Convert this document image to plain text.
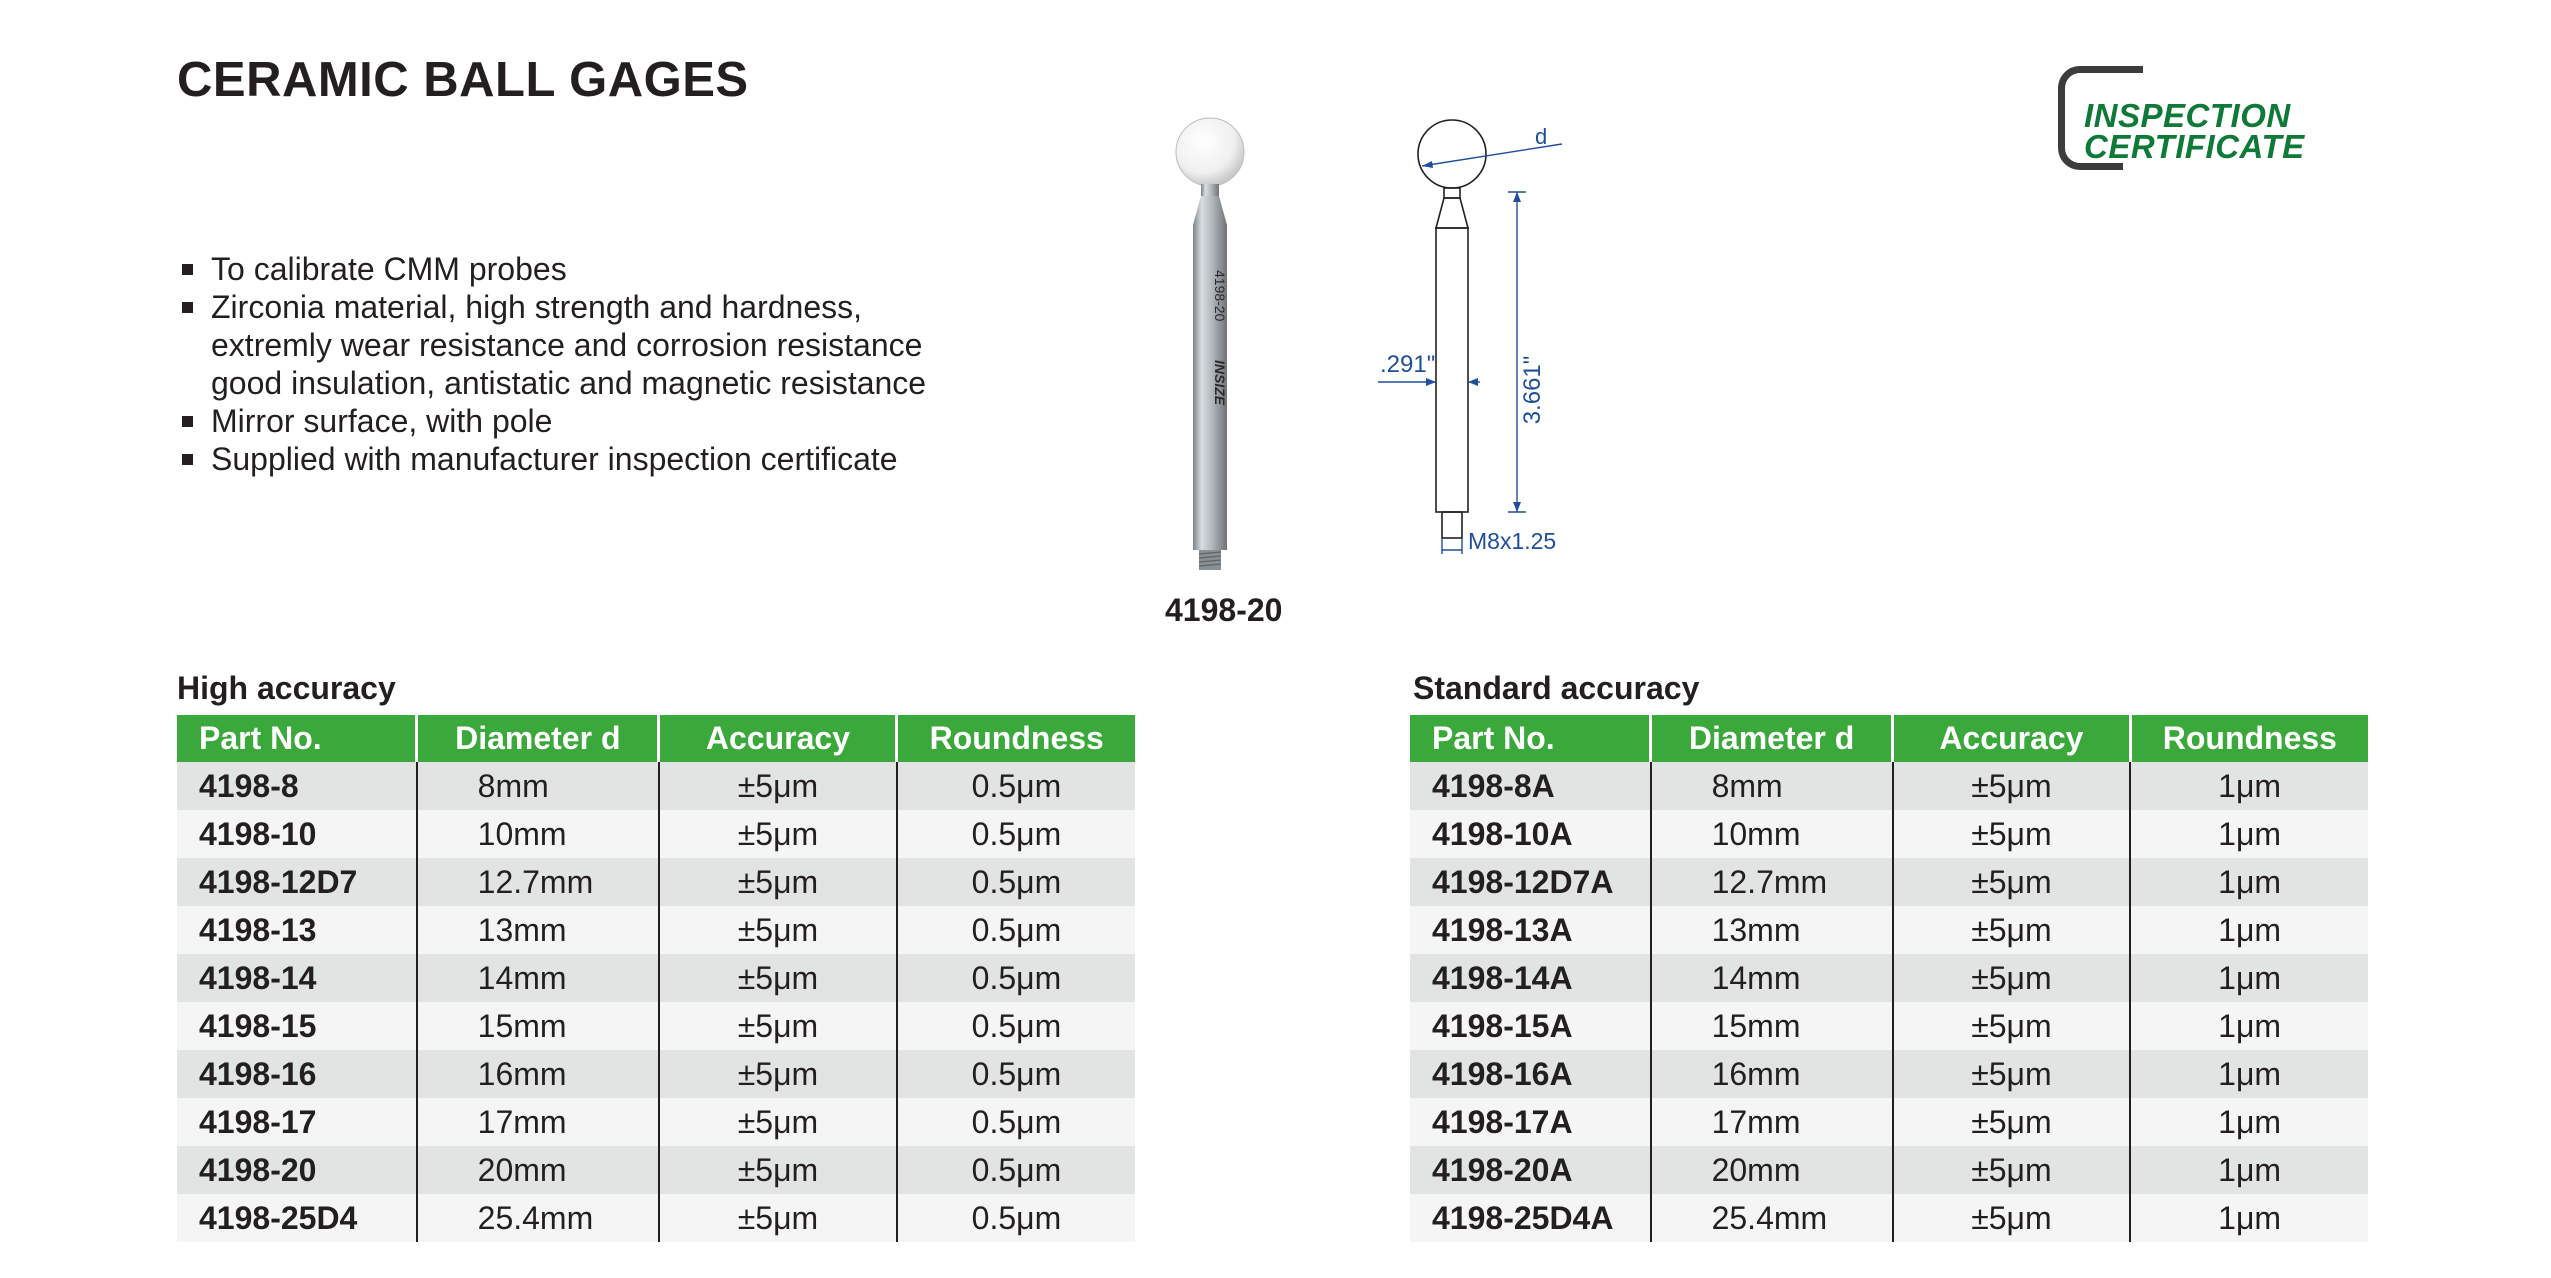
CERAMIC BALL GAGES
To calibrate CMM probes
Zirconia material, high strength and hardness,
extremly wear resistance and corrosion resistance
good insulation, antistatic and magnetic resistance
Mirror surface, with pole
Supplied with manufacturer inspection certificate
INSPECTION
CERTIFICATE
4198-20
INSIZE
4198-20
d
3.661"
.291"
M8x1.25
High accuracy	Standard accuracy
Part No.	Diameter d	Accuracy	Roundness
4198-8	8mm	±5μm	0.5μm
4198-10	10mm	±5μm	0.5μm
4198-12D7	12.7mm	±5μm	0.5μm
4198-13	13mm	±5μm	0.5μm
4198-14	14mm	±5μm	0.5μm
4198-15	15mm	±5μm	0.5μm
4198-16	16mm	±5μm	0.5μm
4198-17	17mm	±5μm	0.5μm
4198-20	20mm	±5μm	0.5μm
4198-25D4	25.4mm	±5μm	0.5μm
Part No.	Diameter d	Accuracy	Roundness
4198-8A	8mm	±5μm	1μm
4198-10A	10mm	±5μm	1μm
4198-12D7A	12.7mm	±5μm	1μm
4198-13A	13mm	±5μm	1μm
4198-14A	14mm	±5μm	1μm
4198-15A	15mm	±5μm	1μm
4198-16A	16mm	±5μm	1μm
4198-17A	17mm	±5μm	1μm
4198-20A	20mm	±5μm	1μm
4198-25D4A	25.4mm	±5μm	1μm
